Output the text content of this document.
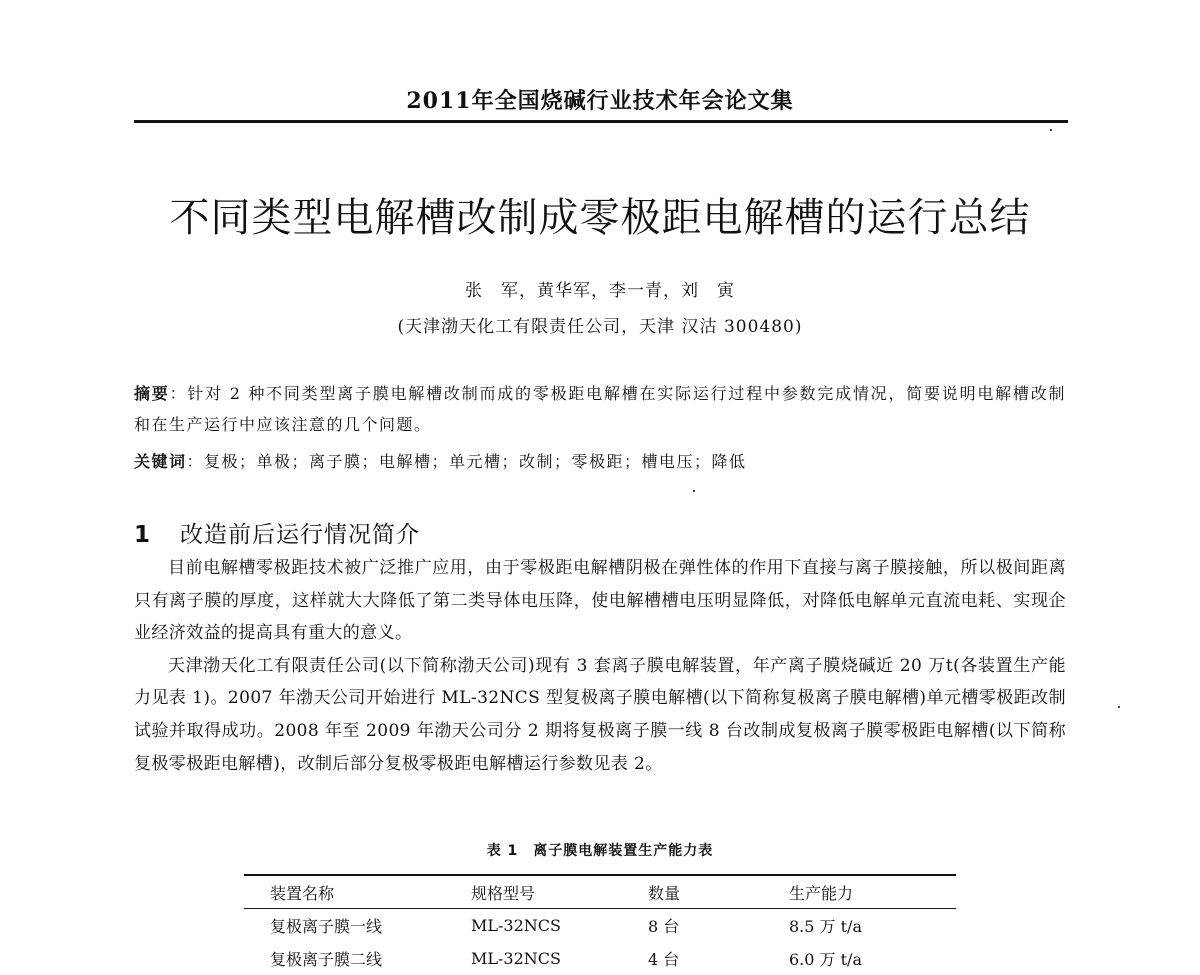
2011年全国烧碱行业技术年会论文集
不同类型电解槽改制成零极距电解槽的运行总结
张　军，黄华军，李一青，刘　寅
(天津渤天化工有限责任公司，天津 汉沽 300480)
摘要：针对 2 种不同类型离子膜电解槽改制而成的零极距电解槽在实际运行过程中参数完成情况，简要说明电解槽改制和在生产运行中应该注意的几个问题。
关键词：复极；单极；离子膜；电解槽；单元槽；改制；零极距；槽电压；降低
1 改造前后运行情况简介

目前电解槽零极距技术被广泛推广应用，由于零极距电解槽阴极在弹性体的作用下直接与离子膜接触，所以极间距离只有离子膜的厚度，这样就大大降低了第二类导体电压降，使电解槽槽电压明显降低，对降低电解单元直流电耗、实现企业经济效益的提高具有重大的意义。

天津渤天化工有限责任公司(以下简称渤天公司)现有 3 套离子膜电解装置，年产离子膜烧碱近 20 万t(各装置生产能力见表 1)。2007 年渤天公司开始进行 ML-32NCS 型复极离子膜电解槽(以下简称复极离子膜电解槽)单元槽零极距改制试验并取得成功。2008 年至 2009 年渤天公司分 2 期将复极离子膜一线 8 台改制成复极离子膜零极距电解槽(以下简称复极零极距电解槽)，改制后部分复极零极距电解槽运行参数见表 2。

表 1　离子膜电解装置生产能力表
装置名称	规格型号	数量	生产能力
复极离子膜一线	ML-32NCS	8 台	8.5 万 t/a
复极离子膜二线	ML-32NCS	4 台	6.0 万 t/a
